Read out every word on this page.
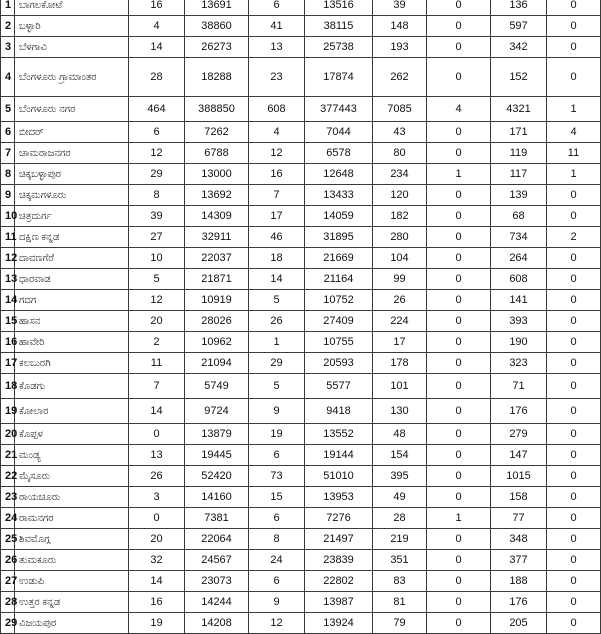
1	ಬಾಗಲಕೋಟೆ	16	13691	6	13516	39	0	136	0
2	ಬಳ್ಳಾರಿ	4	38860	41	38115	148	0	597	0
3	ಬೆಳಗಾವಿ	14	26273	13	25738	193	0	342	0
4	ಬೆಂಗಳೂರು ಗ್ರಾಮಾಂತರ	28	18288	23	17874	262	0	152	0
5	ಬೆಂಗಳೂರು ನಗರ	464	388850	608	377443	7085	4	4321	1
6	ಬೀದರ್	6	7262	4	7044	43	0	171	4
7	ಚಾಮರಾಜನಗರ	12	6788	12	6578	80	0	119	11
8	ಚಿಕ್ಕಬಳ್ಳಾಪುರ	29	13000	16	12648	234	1	117	1
9	ಚಿಕ್ಕಮಗಳೂರು	8	13692	7	13433	120	0	139	0
10	ಚಿತ್ರದುರ್ಗ	39	14309	17	14059	182	0	68	0
11	ದಕ್ಷಿಣ ಕನ್ನಡ	27	32911	46	31895	280	0	734	2
12	ದಾವಣಗೆರೆ	10	22037	18	21669	104	0	264	0
13	ಧಾರವಾಡ	5	21871	14	21164	99	0	608	0
14	ಗದಗ	12	10919	5	10752	26	0	141	0
15	ಹಾಸನ	20	28026	26	27409	224	0	393	0
16	ಹಾವೇರಿ	2	10962	1	10755	17	0	190	0
17	ಕಲಬುರಗಿ	11	21094	29	20593	178	0	323	0
18	ಕೊಡಗು	7	5749	5	5577	101	0	71	0
19	ಕೋಲಾರ	14	9724	9	9418	130	0	176	0
20	ಕೊಪ್ಪಳ	0	13879	19	13552	48	0	279	0
21	ಮಂಡ್ಯ	13	19445	6	19144	154	0	147	0
22	ಮೈಸೂರು	26	52420	73	51010	395	0	1015	0
23	ರಾಯಚೂರು	3	14160	15	13953	49	0	158	0
24	ರಾಮನಗರ	0	7381	6	7276	28	1	77	0
25	ಶಿವಮೊಗ್ಗ	20	22064	8	21497	219	0	348	0
26	ತುಮಕೂರು	32	24567	24	23839	351	0	377	0
27	ಉಡುಪಿ	14	23073	6	22802	83	0	188	0
28	ಉತ್ತರ ಕನ್ನಡ	16	14244	9	13987	81	0	176	0
29	ವಿಜಯಪುರ	19	14208	12	13924	79	0	205	0
